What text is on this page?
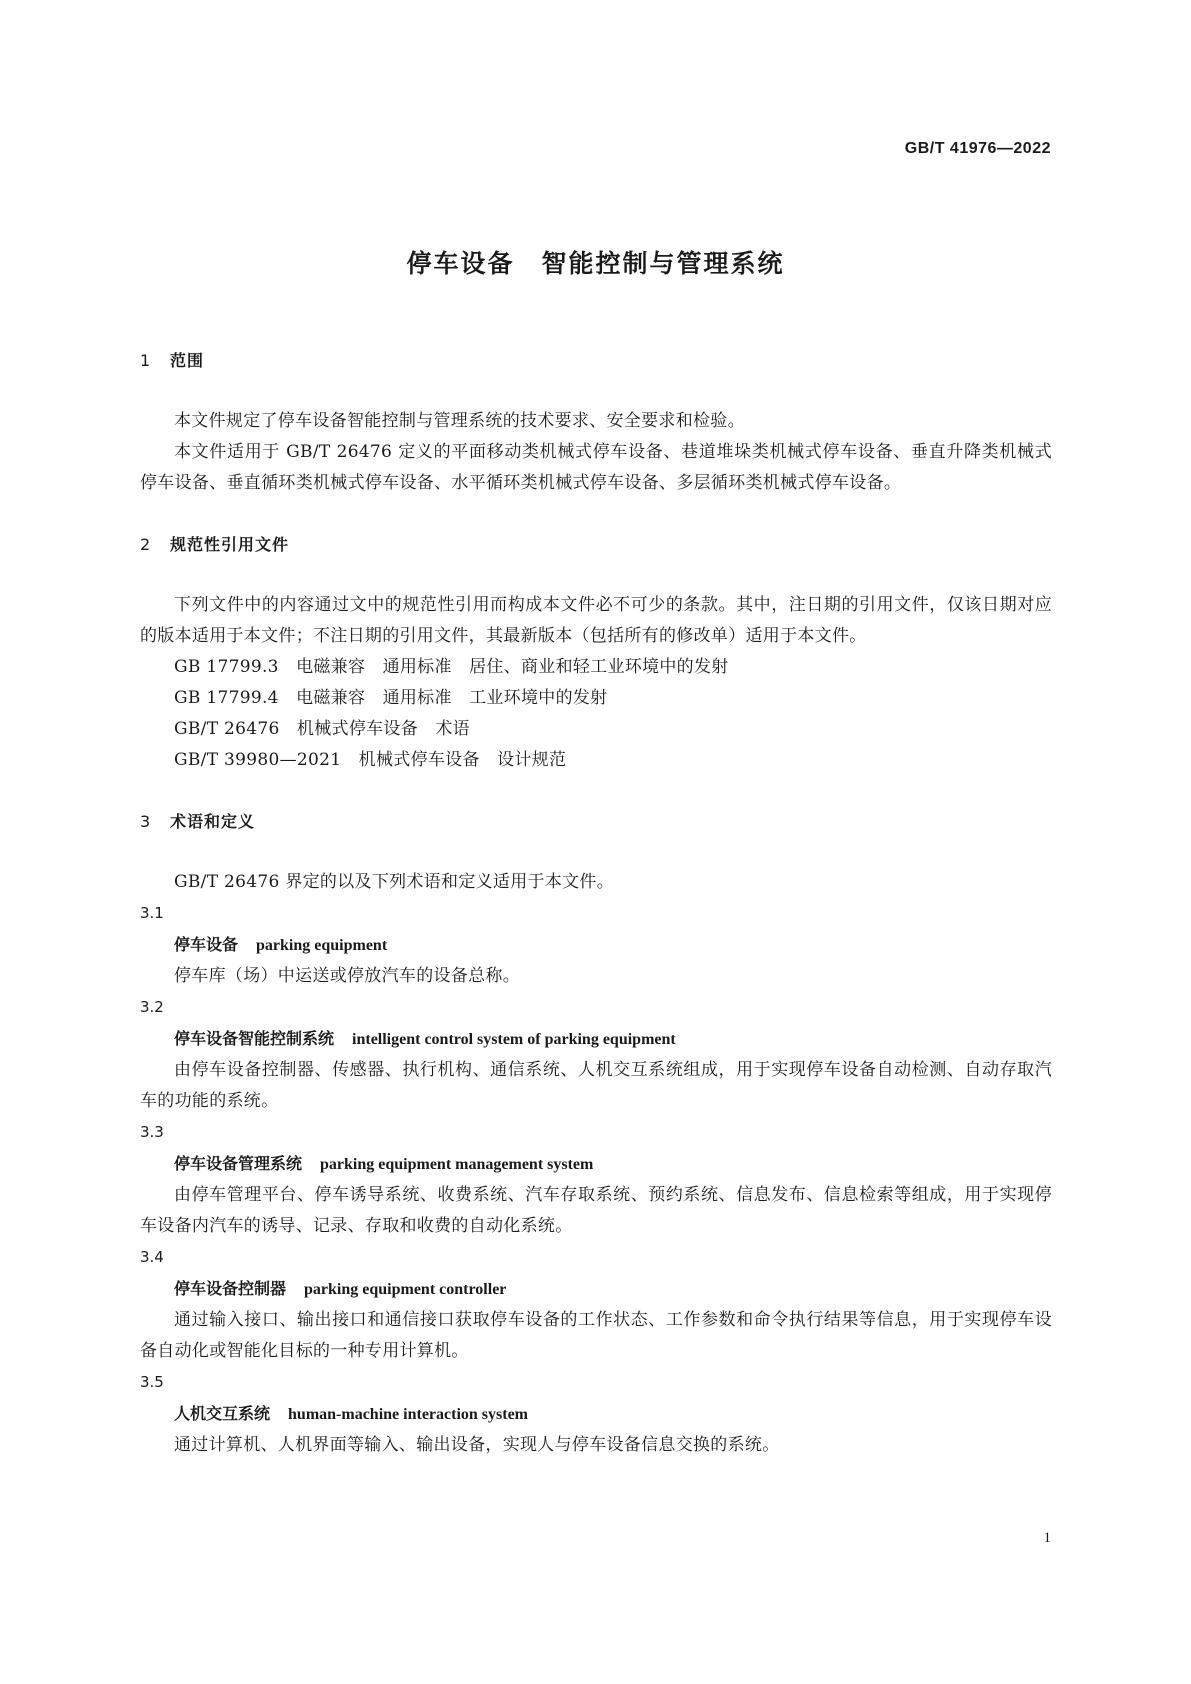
GB/T 41976—2022
停车设备　智能控制与管理系统

1 范围

本文件规定了停车设备智能控制与管理系统的技术要求、安全要求和检验。

本文件适用于 GB/T 26476 定义的平面移动类机械式停车设备、巷道堆垛类机械式停车设备、垂直升降类机械式停车设备、垂直循环类机械式停车设备、水平循环类机械式停车设备、多层循环类机械式停车设备。

2 规范性引用文件

下列文件中的内容通过文中的规范性引用而构成本文件必不可少的条款。其中，注日期的引用文件，仅该日期对应的版本适用于本文件；不注日期的引用文件，其最新版本（包括所有的修改单）适用于本文件。

GB 17799.3　电磁兼容　通用标准　居住、商业和轻工业环境中的发射

GB 17799.4　电磁兼容　通用标准　工业环境中的发射

GB/T 26476　机械式停车设备　术语

GB/T 39980—2021　机械式停车设备　设计规范

3 术语和定义

GB/T 26476 界定的以及下列术语和定义适用于本文件。

3.1

停车设备 parking equipment

停车库（场）中运送或停放汽车的设备总称。

3.2

停车设备智能控制系统 intelligent control system of parking equipment

由停车设备控制器、传感器、执行机构、通信系统、人机交互系统组成，用于实现停车设备自动检测、自动存取汽车的功能的系统。

3.3

停车设备管理系统 parking equipment management system

由停车管理平台、停车诱导系统、收费系统、汽车存取系统、预约系统、信息发布、信息检索等组成，用于实现停车设备内汽车的诱导、记录、存取和收费的自动化系统。

3.4

停车设备控制器 parking equipment controller

通过输入接口、输出接口和通信接口获取停车设备的工作状态、工作参数和命令执行结果等信息，用于实现停车设备自动化或智能化目标的一种专用计算机。

3.5

人机交互系统 human-machine interaction system

通过计算机、人机界面等输入、输出设备，实现人与停车设备信息交换的系统。

1
